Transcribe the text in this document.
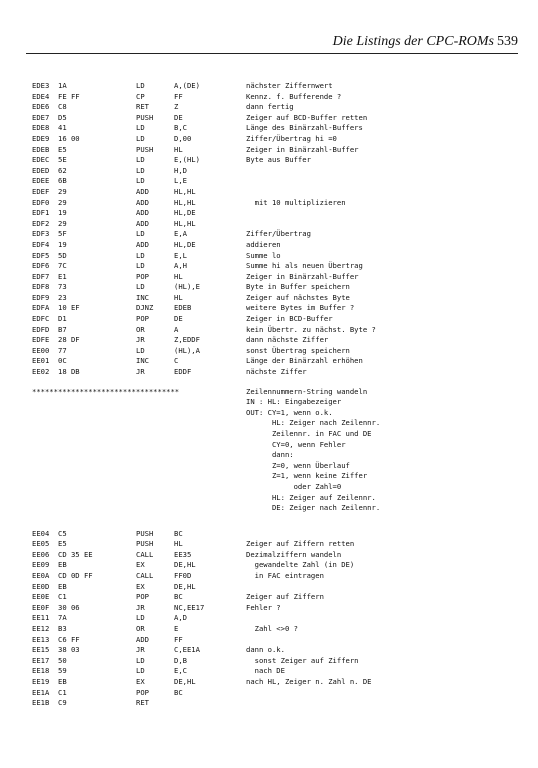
Die Listings der CPC-ROMs 539
EDE3 1A	LD	A,(DE)	nächster Ziffernwert
EDE4 FE FF	CP	FF	Kennz. f. Bufferende ?
EDE6 C8	RET	Z	dann fertig
EDE7 D5	PUSH	DE	Zeiger auf BCD-Buffer retten
EDE8 41	LD	B,C	Länge des Binärzahl-Buffers
EDE9 16 00	LD	D,00	Ziffer/Übertrag hi =0
EDEB E5	PUSH	HL	Zeiger in Binärzahl-Buffer
EDEC 5E	LD	E,(HL)	Byte aus Buffer
EDED 62	LD	H,D
EDEE 6B	LD	L,E
EDEF 29	ADD	HL,HL
EDF0 29	ADD	HL,HL	mit 10 multiplizieren
EDF1 19	ADD	HL,DE
EDF2 29	ADD	HL,HL
EDF3 5F	LD	E,A	Ziffer/Übertrag
EDF4 19	ADD	HL,DE	addieren
EDF5 5D	LD	E,L	Summe lo
EDF6 7C	LD	A,H	Summe hi als neuen Übertrag
EDF7 E1	POP	HL	Zeiger in Binärzahl-Buffer
EDF8 73	LD	(HL),E	Byte in Buffer speichern
EDF9 23	INC	HL	Zeiger auf nächstes Byte
EDFA 10 EF	DJNZ	EDEB	weitere Bytes im Buffer ?
EDFC D1	POP	DE	Zeiger in BCD-Buffer
EDFD B7	OR	A	kein Übertr. zu nächst. Byte ?
EDFE 28 DF	JR	Z,EDDF	dann nächste Ziffer
EE00 77	LD	(HL),A	sonst Übertrag speichern
EE01 0C	INC	C	Länge der Binärzahl erhöhen
EE02 18 DB	JR	EDDF	nächste Ziffer
**********************************	Zeilennummern-String wandeln
IN : HL: Eingabezeiger
OUT: CY=1, wenn o.k.
HL: Zeiger nach Zeilennr.
Zeilennr. in FAC und DE
CY=0, wenn Fehler
dann:
Z=0, wenn Überlauf
Z=1, wenn keine Ziffer
oder Zahl=0
HL: Zeiger auf Zeilennr.
DE: Zeiger nach Zeilennr.
EE04 C5	PUSH	BC
EE05 E5	PUSH	HL	Zeiger auf Ziffern retten
EE06 CD 35 EE	CALL	EE35	Dezimalziffern wandeln
EE09 EB	EX	DE,HL	gewandelte Zahl (in DE)
EE0A CD 0D FF	CALL	FF0D	in FAC eintragen
EE0D EB	EX	DE,HL
EE0E C1	POP	BC	Zeiger auf Ziffern
EE0F 30 06	JR	NC,EE17	Fehler ?
EE11 7A	LD	A,D
EE12 B3	OR	E	Zahl <>0 ?
EE13 C6 FF	ADD	FF
EE15 38 03	JR	C,EE1A	dann o.k.
EE17 50	LD	D,B	sonst Zeiger auf Ziffern
EE18 59	LD	E,C	nach DE
EE19 EB	EX	DE,HL	nach HL, Zeiger n. Zahl n. DE
EE1A C1	POP	BC
EE1B C9	RET
